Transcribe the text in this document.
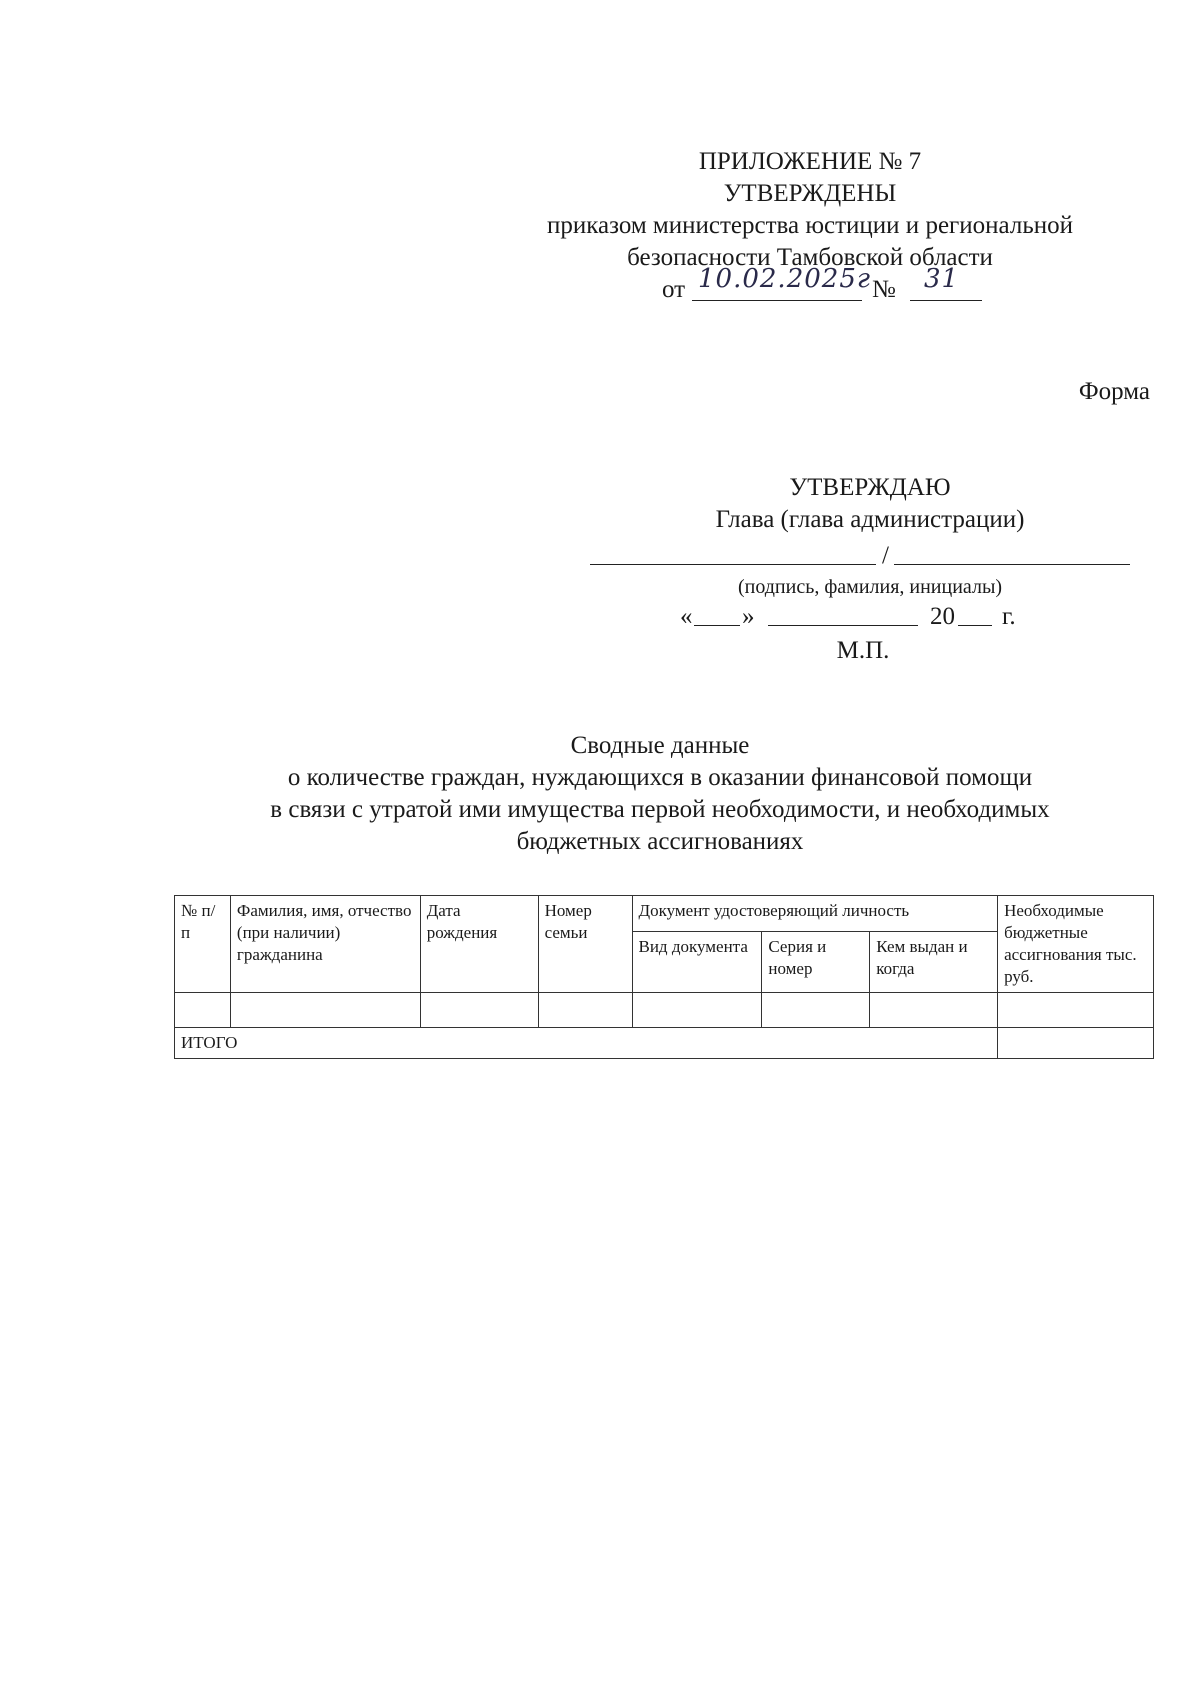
ПРИЛОЖЕНИЕ № 7
УТВЕРЖДЕНЫ
приказом министерства юстиции и региональной
безопасности Тамбовской области
от 10.02.2025г № 31
Форма
УТВЕРЖДАЮ
Глава (глава администрации)
/
(подпись, фамилия, инициалы)
« »	20 г.
М.П.
Сводные данные
о количестве граждан, нуждающихся в оказании финансовой помощи
в связи с утратой ими имущества первой необходимости, и необходимых
бюджетных ассигнованиях
№ п/п	Фамилия, имя, отчество (при наличии) гражданина	Дата рождения	Номер семьи	Документ удостоверяющий личность			Необходимые бюджетные ассигнования тыс. руб.
				Вид документа	Серия и номер	Кем выдан и когда	

ИТОГО							
